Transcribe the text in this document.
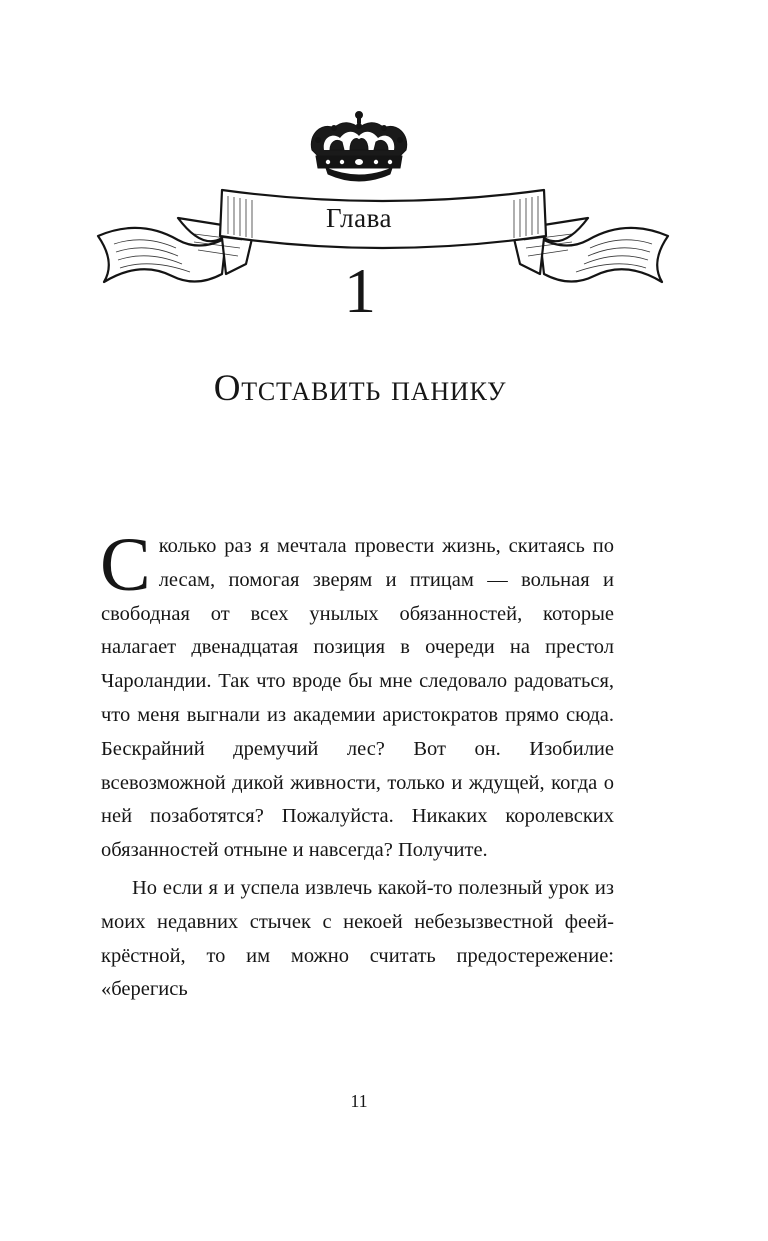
Глава
1
Отставить панику

Сколько раз я мечтала провести жизнь, скитаясь по лесам, помогая зверям и птицам — вольная и свободная от всех унылых обязанностей, которые налагает двенадцатая позиция в очереди на престол Чароландии. Так что вроде бы мне следовало радоваться, что меня выгнали из академии аристократов прямо сюда. Бескрайний дремучий лес? Вот он. Изобилие всевозможной дикой живности, только и ждущей, когда о ней позаботятся? Пожалуйста. Никаких королевских обязанностей отныне и навсегда? Получите.

Но если я и успела извлечь какой-то полезный урок из моих недавних стычек с некоей небезызвестной феей-крёстной, то им можно считать предостережение: «берегись

11
